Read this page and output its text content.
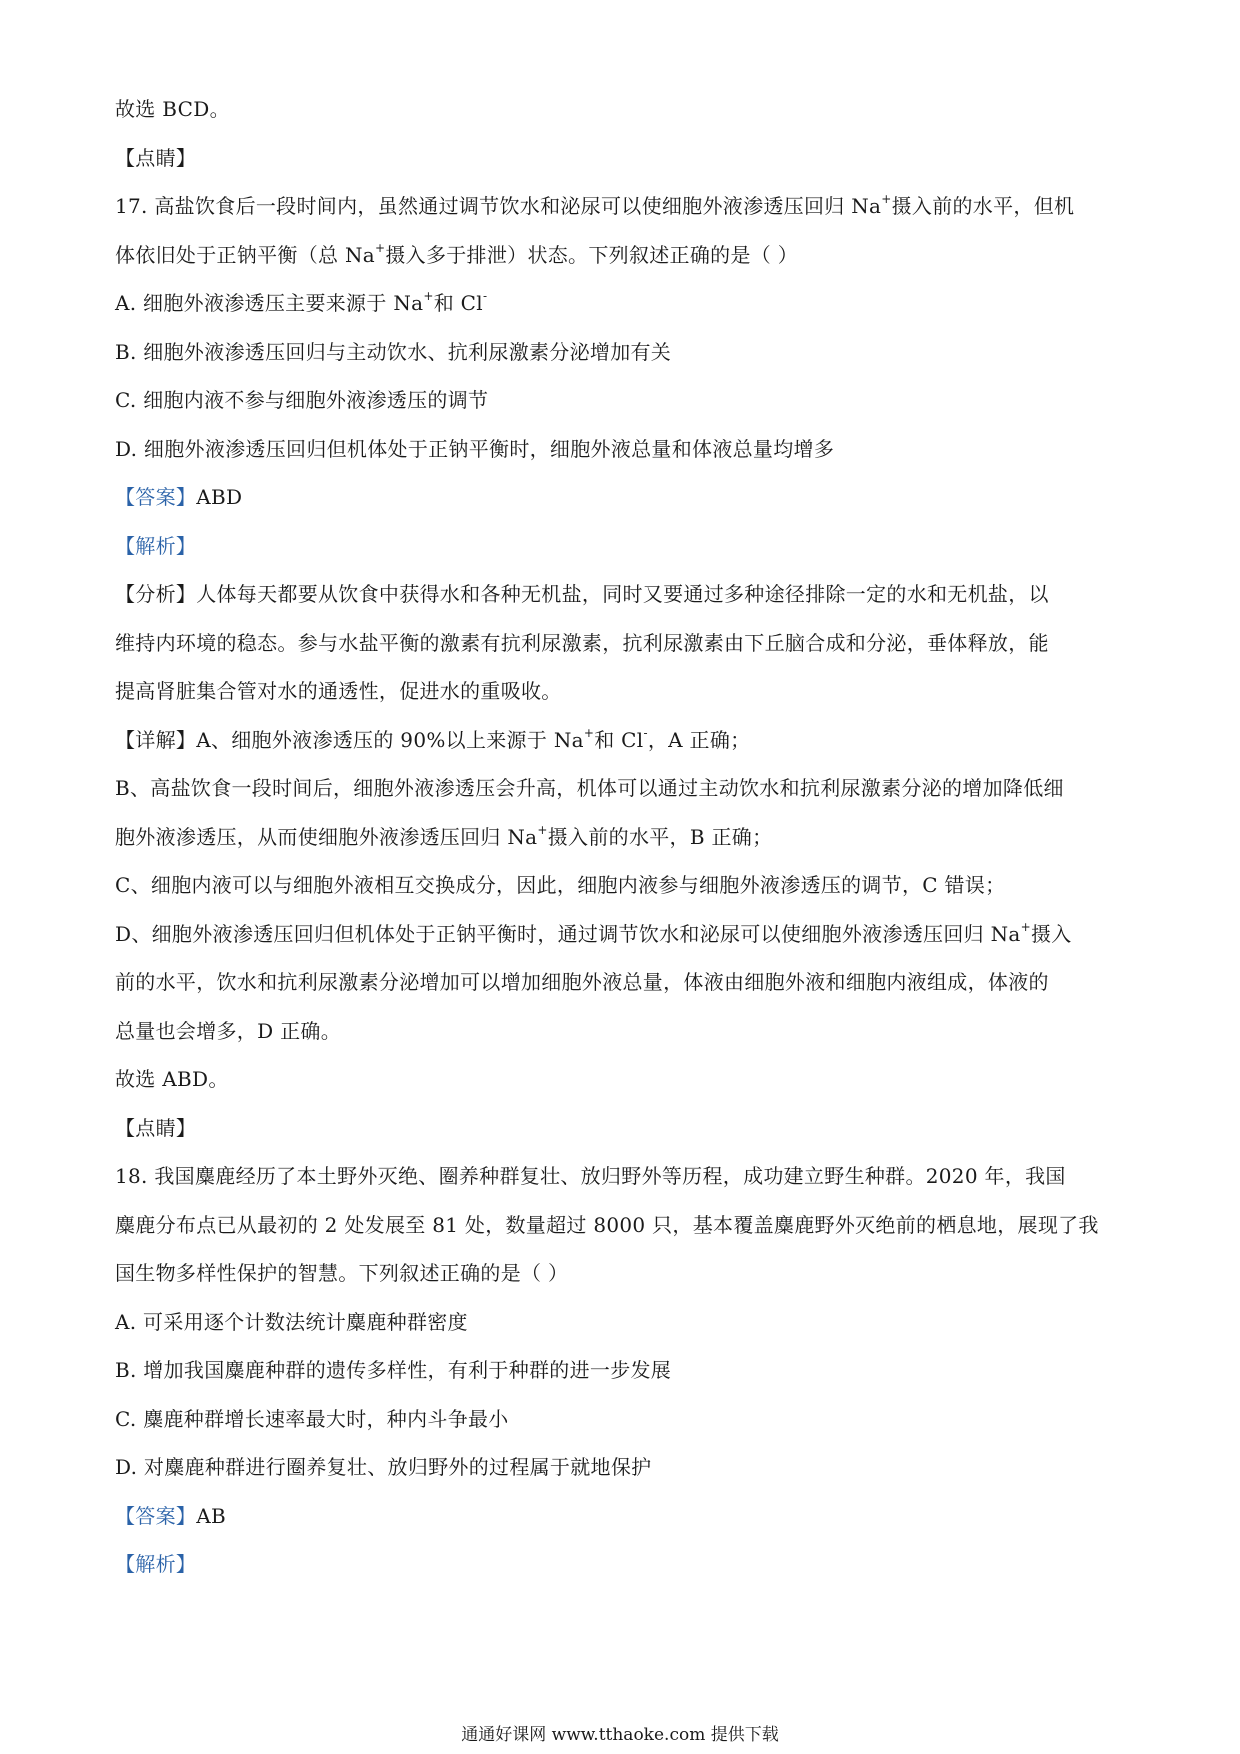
故选 BCD。
【点睛】
17. 高盐饮食后一段时间内，虽然通过调节饮水和泌尿可以使细胞外液渗透压回归 Na+摄入前的水平，但机
体依旧处于正钠平衡（总 Na+摄入多于排泄）状态。下列叙述正确的是（ ）
A. 细胞外液渗透压主要来源于 Na+和 Cl-
B. 细胞外液渗透压回归与主动饮水、抗利尿激素分泌增加有关
C. 细胞内液不参与细胞外液渗透压的调节
D. 细胞外液渗透压回归但机体处于正钠平衡时，细胞外液总量和体液总量均增多
【答案】ABD
【解析】
【分析】人体每天都要从饮食中获得水和各种无机盐，同时又要通过多种途径排除一定的水和无机盐，以
维持内环境的稳态。参与水盐平衡的激素有抗利尿激素，抗利尿激素由下丘脑合成和分泌，垂体释放，能
提高肾脏集合管对水的通透性，促进水的重吸收。
【详解】A、细胞外液渗透压的 90%以上来源于 Na+和 Cl-，A 正确；
B、高盐饮食一段时间后，细胞外液渗透压会升高，机体可以通过主动饮水和抗利尿激素分泌的增加降低细
胞外液渗透压，从而使细胞外液渗透压回归 Na+摄入前的水平，B 正确；
C、细胞内液可以与细胞外液相互交换成分，因此，细胞内液参与细胞外液渗透压的调节，C 错误；
D、细胞外液渗透压回归但机体处于正钠平衡时，通过调节饮水和泌尿可以使细胞外液渗透压回归 Na+摄入
前的水平，饮水和抗利尿激素分泌增加可以增加细胞外液总量，体液由细胞外液和细胞内液组成，体液的
总量也会增多，D 正确。
故选 ABD。
【点睛】
18. 我国麋鹿经历了本土野外灭绝、圈养种群复壮、放归野外等历程，成功建立野生种群。2020 年，我国
麋鹿分布点已从最初的 2 处发展至 81 处，数量超过 8000 只，基本覆盖麋鹿野外灭绝前的栖息地，展现了我
国生物多样性保护的智慧。下列叙述正确的是（ ）
A. 可采用逐个计数法统计麋鹿种群密度
B. 增加我国麋鹿种群的遗传多样性，有利于种群的进一步发展
C. 麋鹿种群增长速率最大时，种内斗争最小
D. 对麋鹿种群进行圈养复壮、放归野外的过程属于就地保护
【答案】AB
【解析】
通通好课网 www.tthaoke.com 提供下载
